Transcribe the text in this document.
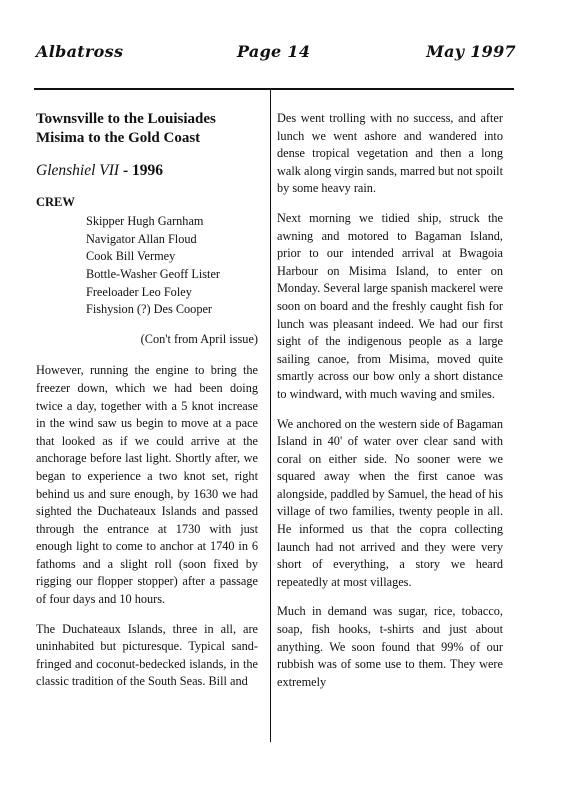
Albatross	Page 14	May 1997
Townsville to the Louisiades
Misima to the Gold Coast
Glenshiel VII - 1996
CREW
Skipper Hugh Garnham
Navigator Allan Floud
Cook Bill Vermey
Bottle-Washer Geoff Lister
Freeloader Leo Foley
Fishysion (?) Des Cooper
(Con't from April issue)

However, running the engine to bring the freezer down, which we had been doing twice a day, together with a 5 knot increase in the wind saw us begin to move at a pace that looked as if we could arrive at the anchorage before last light. Shortly after, we began to experience a two knot set, right behind us and sure enough, by 1630 we had sighted the Duchateaux Islands and passed through the entrance at 1730 with just enough light to come to anchor at 1740 in 6 fathoms and a slight roll (soon fixed by rigging our flopper stopper) after a passage of four days and 10 hours.

The Duchateaux Islands, three in all, are uninhabited but picturesque. Typical sand-fringed and coconut-bedecked islands, in the classic tradition of the South Seas. Bill and

Des went trolling with no success, and after lunch we went ashore and wandered into dense tropical vegetation and then a long walk along virgin sands, marred but not spoilt by some heavy rain.

Next morning we tidied ship, struck the awning and motored to Bagaman Island, prior to our intended arrival at Bwagoia Harbour on Misima Island, to enter on Monday. Several large spanish mackerel were soon on board and the freshly caught fish for lunch was pleasant indeed. We had our first sight of the indigenous people as a large sailing canoe, from Misima, moved quite smartly across our bow only a short distance to windward, with much waving and smiles.

We anchored on the western side of Bagaman Island in 40' of water over clear sand with coral on either side. No sooner were we squared away when the first canoe was alongside, paddled by Samuel, the head of his village of two families, twenty people in all. He informed us that the copra collecting launch had not arrived and they were very short of everything, a story we heard repeatedly at most villages.

Much in demand was sugar, rice, tobacco, soap, fish hooks, t-shirts and just about anything. We soon found that 99% of our rubbish was of some use to them. They were extremely
